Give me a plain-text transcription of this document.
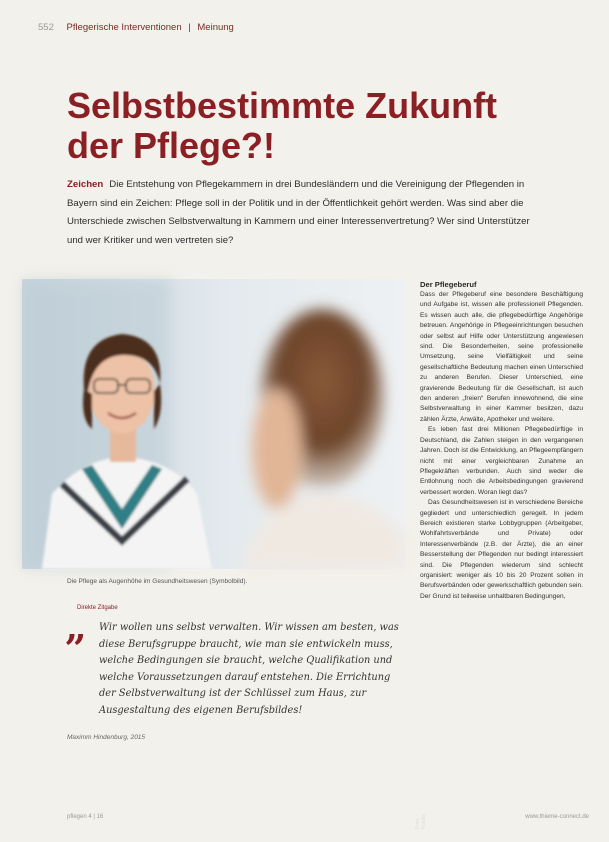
552 Pflegerische Interventionen | Meinung
Selbstbestimmte Zukunft
der Pflege?!
Zeichen Die Entstehung von Pflegekammern in drei Bundesländern und die Vereinigung der Pflegenden in Bayern sind ein Zeichen: Pflege soll in der Politik und in der Öffentlichkeit gehört werden. Was sind aber die Unterschiede zwischen Selbstverwaltung in Kammern und einer Interessenvertretung? Wer sind Unterstützer und wer Kritiker und wen vertreten sie?
Foto: Fotolia
Die Pflege als Augenhöhe im Gesundheitswesen (Symbolbild).
Direkte Zitgabe
„ Wir wollen uns selbst verwalten. Wir wissen am besten, was diese Berufsgruppe braucht, wie man sie entwickeln muss, welche Bedingungen sie braucht, welche Qualifikation und welche Voraussetzungen darauf entstehen. Die Errichtung der Selbstverwaltung ist der Schlüssel zum Haus, zur Ausgestaltung des eigenen Berufsbildes!
Maximm Hindenburg, 2015
Der Pflegeberuf

Dass der Pflegeberuf eine besondere Beschäftigung und Aufgabe ist, wissen alle professionell Pflegenden. Es wissen auch alle, die pflegebedürftige Angehörige betreuen. Angehörige in Pflegeeinrichtungen besuchen oder selbst auf Hilfe oder Unterstützung angewiesen sind. Die Besonderheiten, seine professionelle Umsetzung, seine Vielfältigkeit und seine gesellschaftliche Bedeutung machen einen Unterschied zu anderen Berufen. Dieser Unterschied, eine gravierende Bedeutung für die Gesellschaft, ist auch den anderen „freien“ Berufen innewohnend, die eine Selbstverwaltung in einer Kammer besitzen, dazu zählen Ärzte, Anwälte, Apotheker und weitere.

Es leben fast drei Millionen Pflegebedürftige in Deutschland, die Zahlen steigen in den vergangenen Jahren. Doch ist die Entwicklung, an Pflegeempfängern nicht mit einer vergleichbaren Zunahme an Pflegekräften verbunden. Auch sind weder die Entlohnung noch die Arbeitsbedingungen gravierend verbessert worden. Woran liegt das?

Das Gesundheitswesen ist in verschiedene Bereiche gegliedert und unterschiedlich geregelt. In jedem Bereich existieren starke Lobbygruppen (Arbeitgeber, Wohlfahrtsverbände und Private) oder Interessenverbände (z.B. der Ärzte), die an einer Besserstellung der Pflegenden nur bedingt interessiert sind. Die Pflegenden wiederum sind schlecht organisiert: weniger als 10 bis 20 Prozent sollen in Berufsverbänden oder gewerkschaftlich gebunden sein. Der Grund ist teilweise unhaltbaren Bedingungen,

pflegen 4 | 16	www.thieme-connect.de
